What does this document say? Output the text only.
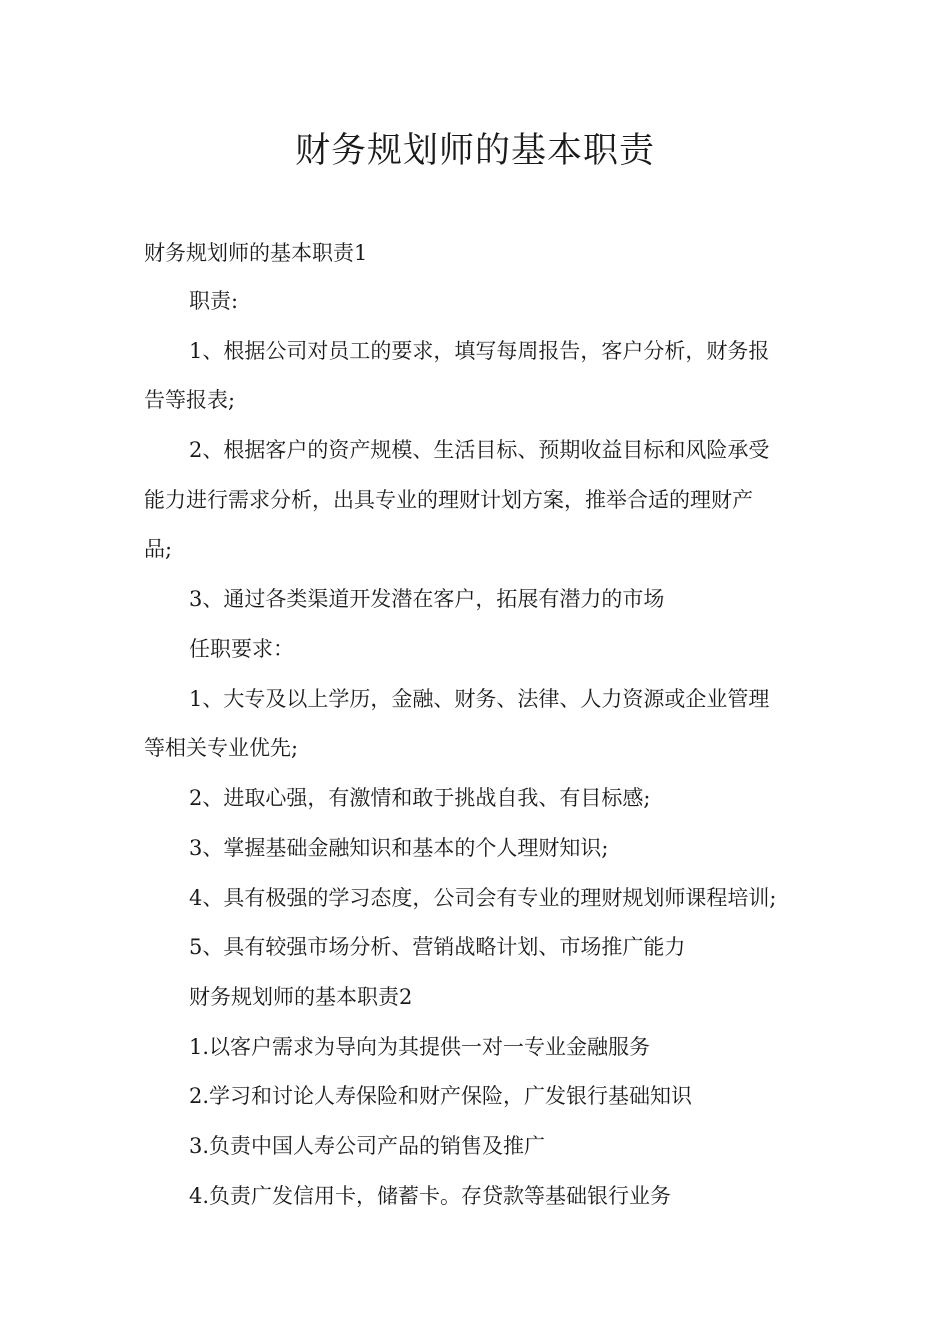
财务规划师的基本职责

财务规划师的基本职责1

职责:

1、根据公司对员工的要求，填写每周报告，客户分析，财务报

告等报表;

2、根据客户的资产规模、生活目标、预期收益目标和风险承受

能力进行需求分析，出具专业的理财计划方案，推举合适的理财产

品;

3、通过各类渠道开发潜在客户，拓展有潜力的市场

任职要求：

1、大专及以上学历，金融、财务、法律、人力资源或企业管理

等相关专业优先;

2、进取心强，有激情和敢于挑战自我、有目标感;

3、掌握基础金融知识和基本的个人理财知识;

4、具有极强的学习态度，公司会有专业的理财规划师课程培训;

5、具有较强市场分析、营销战略计划、市场推广能力

财务规划师的基本职责2

1.以客户需求为导向为其提供一对一专业金融服务

2.学习和讨论人寿保险和财产保险，广发银行基础知识

3.负责中国人寿公司产品的销售及推广

4.负责广发信用卡，储蓄卡。存贷款等基础银行业务
